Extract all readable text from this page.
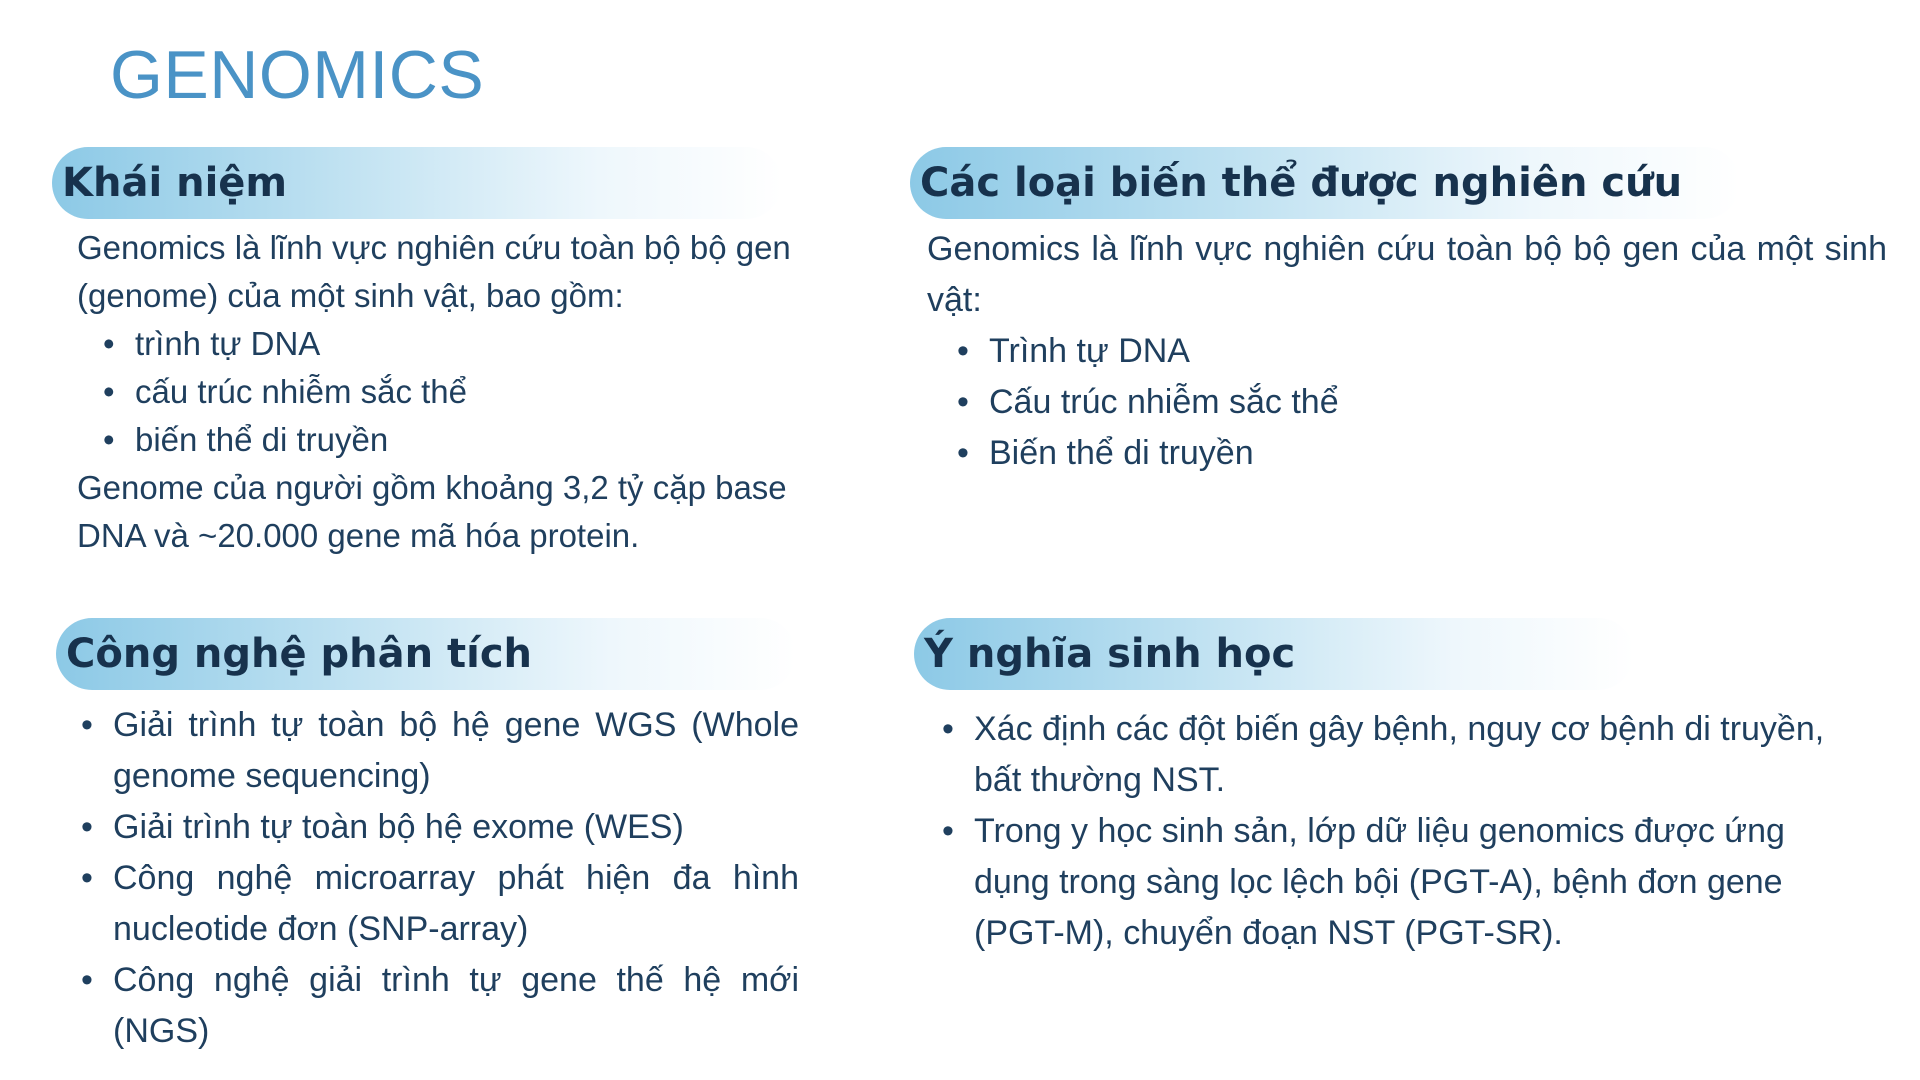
GENOMICS
Khái niệm

Genomics là lĩnh vực nghiên cứu toàn bộ bộ gen (genome) của một sinh vật, bao gồm:

• trình tự DNA
• cấu trúc nhiễm sắc thể
• biến thể di truyền

Genome của người gồm khoảng 3,2 tỷ cặp base DNA và ~20.000 gene mã hóa protein.

Các loại biến thể được nghiên cứu

Genomics là lĩnh vực nghiên cứu toàn bộ bộ gen của một sinh vật:

• Trình tự DNA
• Cấu trúc nhiễm sắc thể
• Biến thể di truyền
Công nghệ phân tích
• Giải trình tự toàn bộ hệ gene WGS (Whole genome sequencing)
• Giải trình tự toàn bộ hệ exome (WES)
• Công nghệ microarray phát hiện đa hình nucleotide đơn (SNP-array)
• Công nghệ giải trình tự gene thế hệ mới (NGS)
Ý nghĩa sinh học
• Xác định các đột biến gây bệnh, nguy cơ bệnh di truyền, bất thường NST.
• Trong y học sinh sản, lớp dữ liệu genomics được ứng dụng trong sàng lọc lệch bội (PGT-A), bệnh đơn gene (PGT-M), chuyển đoạn NST (PGT-SR).
